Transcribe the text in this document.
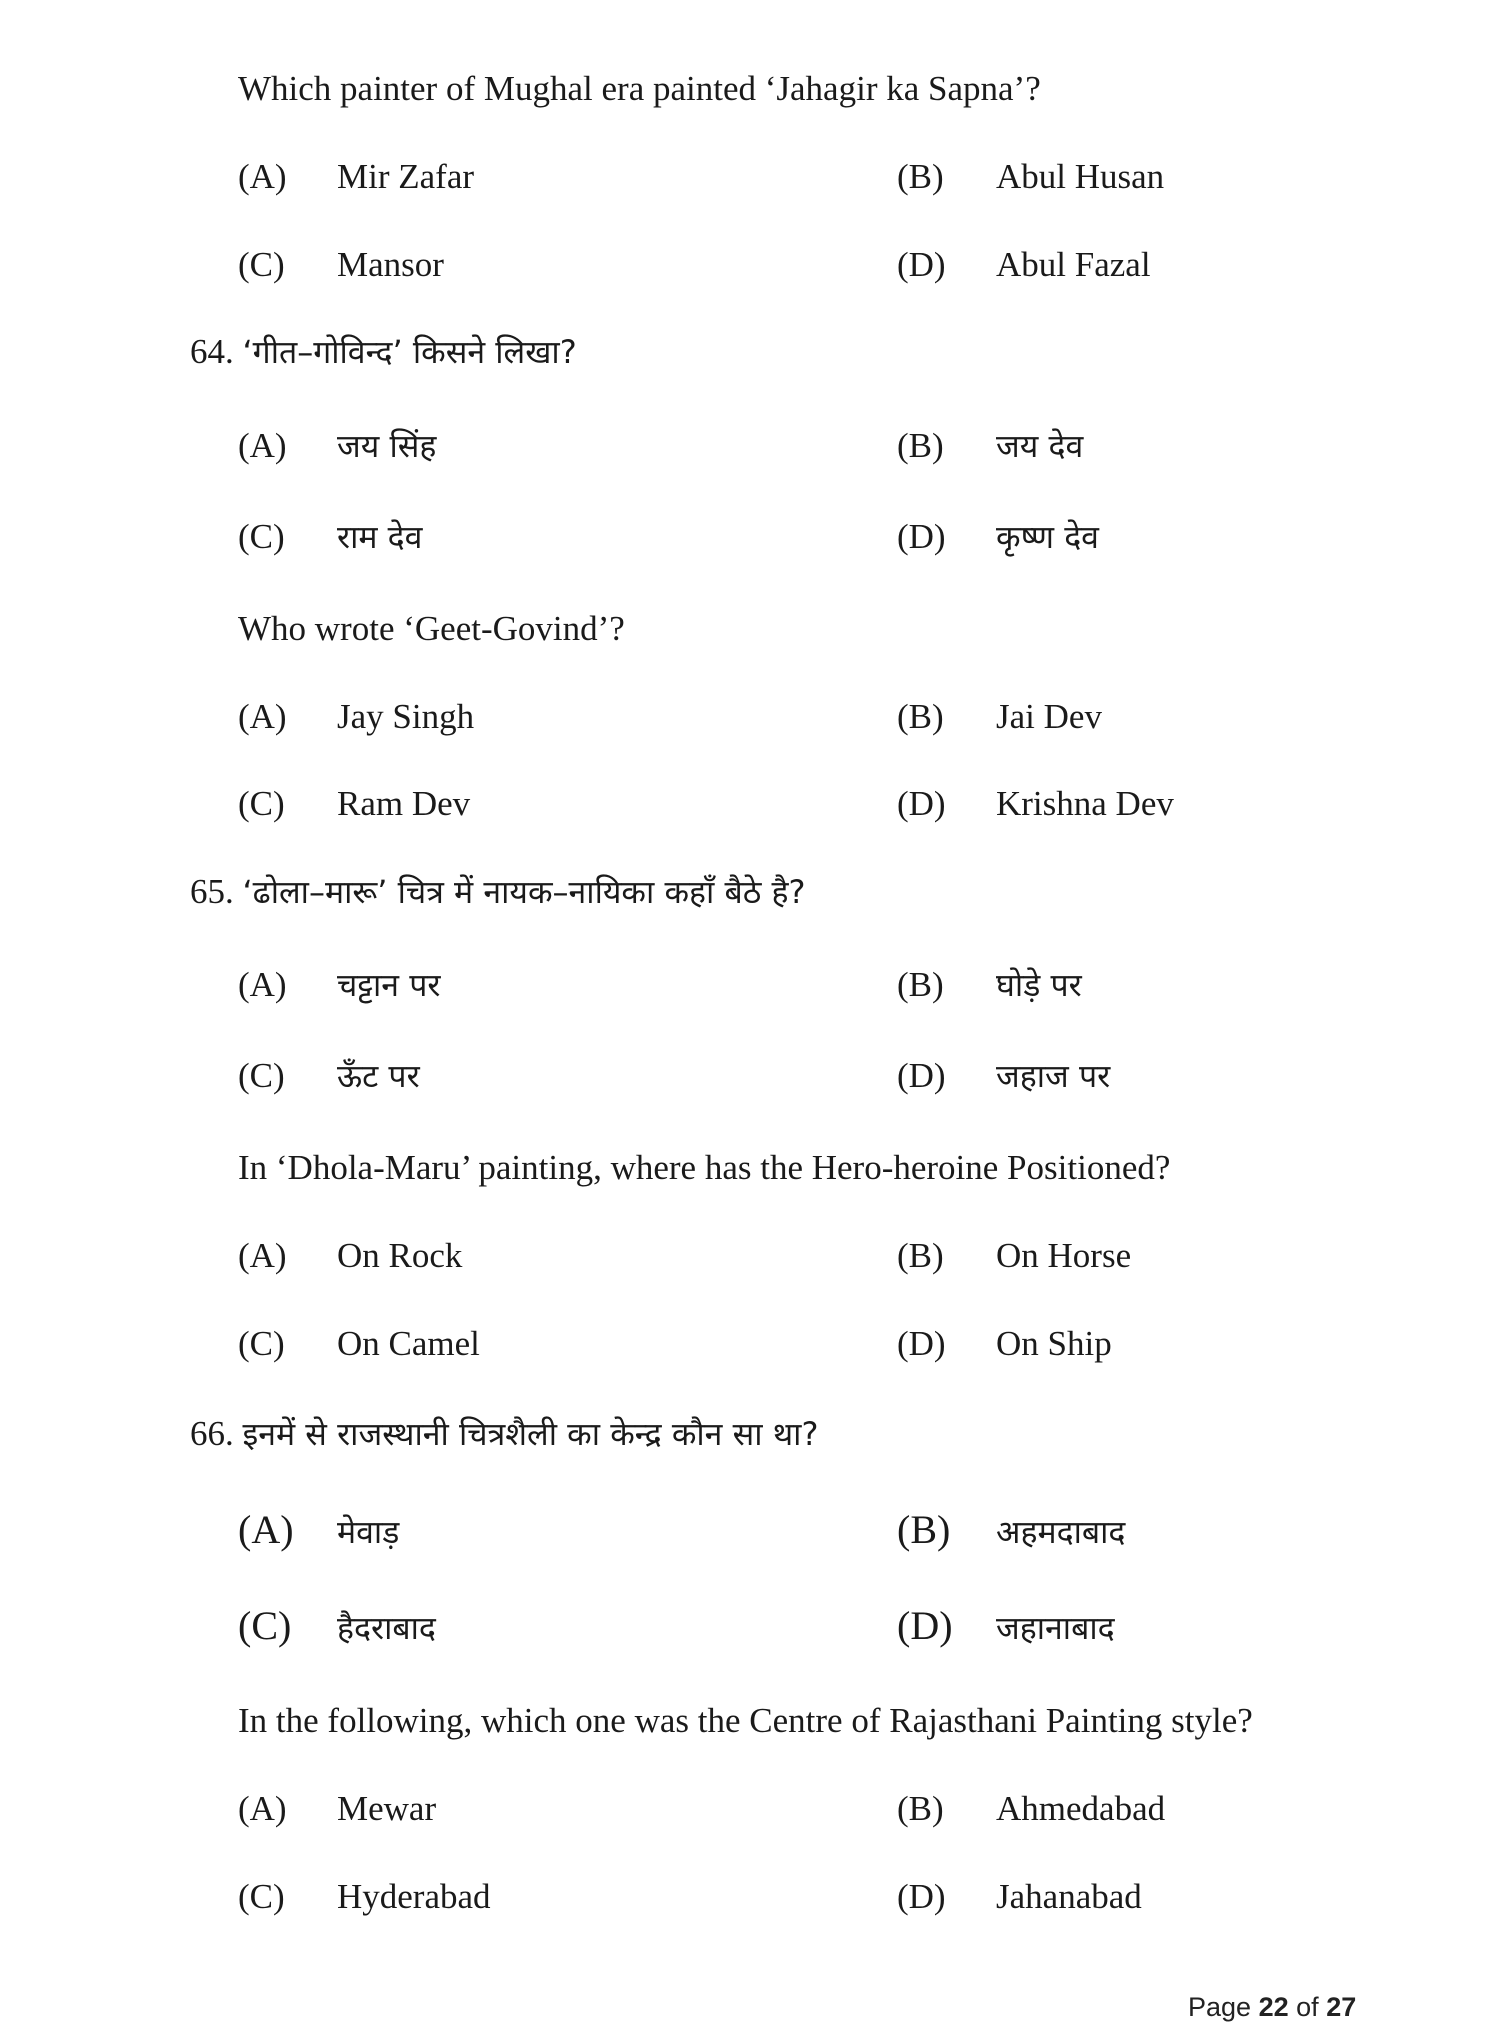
Which painter of Mughal era painted ‘Jahagir ka Sapna’?
(A) Mir Zafar	(B) Abul Husan
(C) Mansor	(D) Abul Fazal
64. ‘गीत–गोविन्द’ किसने लिखा?
(A) जय सिंह	(B) जय देव
(C) राम देव	(D) कृष्ण देव
Who wrote ‘Geet-Govind’?
(A) Jay Singh	(B) Jai Dev
(C) Ram Dev	(D) Krishna Dev
65. ‘ढोला–मारू’ चित्र में नायक–नायिका कहाँ बैठे है?
(A) चट्टान पर	(B) घोड़े पर
(C) ऊँट पर	(D) जहाज पर
In ‘Dhola-Maru’ painting, where has the Hero-heroine Positioned?
(A) On Rock	(B) On Horse
(C) On Camel	(D) On Ship
66. इनमें से राजस्थानी चित्रशैली का केन्द्र कौन सा था?
(A) मेवाड़	(B) अहमदाबाद
(C) हैदराबाद	(D) जहानाबाद
In the following, which one was the Centre of Rajasthani Painting style?
(A) Mewar	(B) Ahmedabad
(C) Hyderabad	(D) Jahanabad
Page 22 of 27
